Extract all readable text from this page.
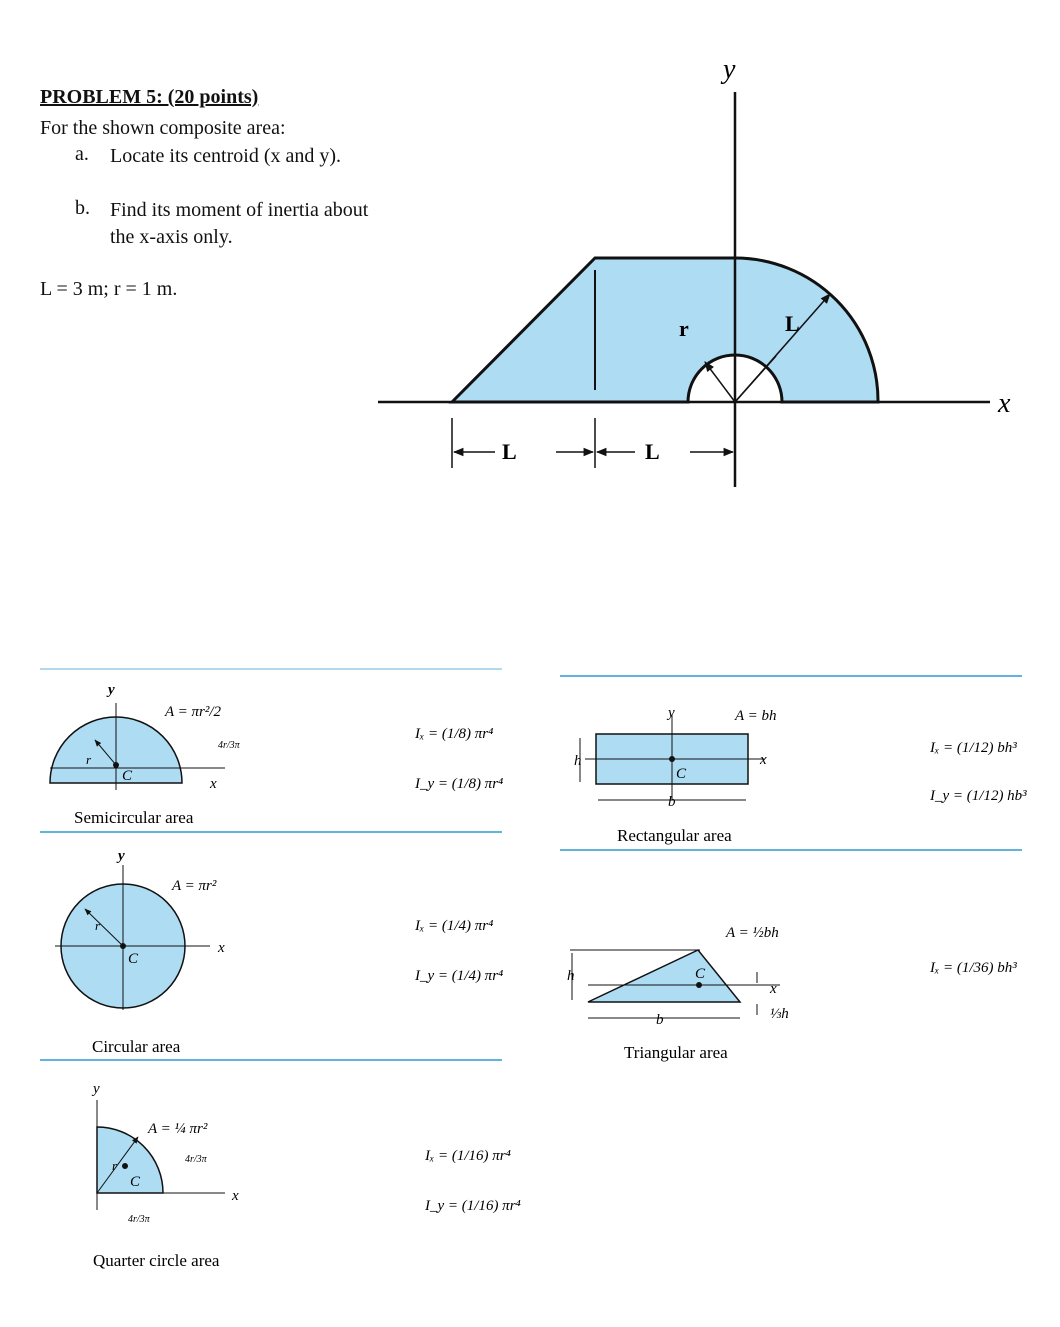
PROBLEM 5: (20 points)
For the shown composite area:
a. Locate its centroid (x and y).
b. Find its moment of inertia about the x-axis only.
L = 3 m; r = 1 m.
x
y
r	L
L	L
y
C
r
x
A = πr²/2
4r/3π
Semicircular area
Iₓ = (1/8) πr⁴
I_y = (1/8) πr⁴
y
C
r
x
A = πr²
Circular area
Iₓ = (1/4) πr⁴
I_y = (1/4) πr⁴
y
C
r
x
A = ¼ πr²
4r/3π
4r/3π
Quarter circle area
Iₓ = (1/16) πr⁴
I_y = (1/16) πr⁴
y
C
x
h
b
A = bh
Rectangular area
Iₓ = (1/12) bh³
I_y = (1/12) hb³
C
x
h
b	⅓h
A = ½bh
Triangular area
Iₓ = (1/36) bh³
